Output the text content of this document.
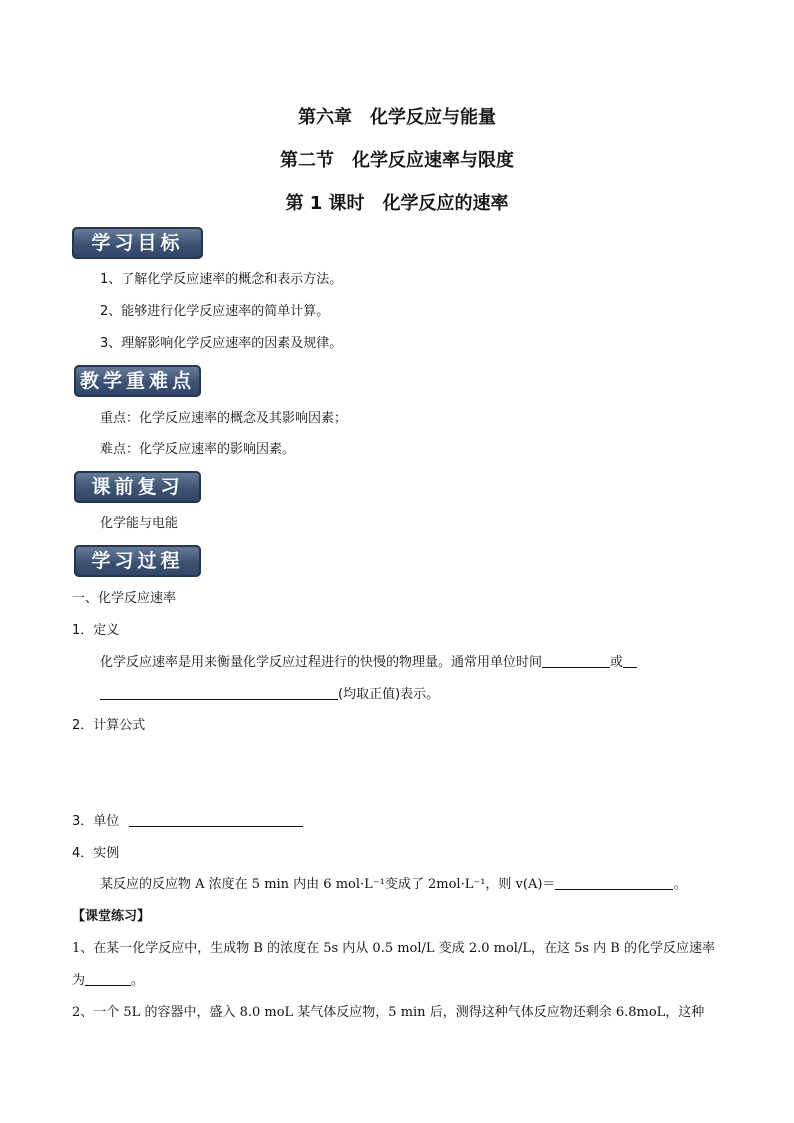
第六章　化学反应与能量
第二节　化学反应速率与限度
第 1 课时　化学反应的速率
学习目标
1、了解化学反应速率的概念和表示方法。
2、能够进行化学反应速率的简单计算。
3、理解影响化学反应速率的因素及规律。
教学重难点
重点：化学反应速率的概念及其影响因素；
难点：化学反应速率的影响因素。
课前复习
化学能与电能
学习过程
一、化学反应速率
1．定义
化学反应速率是用来衡量化学反应过程进行的快慢的物理量。通常用单位时间	或
(均取正值)表示。
2．计算公式
3．单位
4．实例
某反应的反应物 A 浓度在 5 min 内由 6 mol·L⁻¹变成了 2mol·L⁻¹，则 v(A)＝	。
【课堂练习】
1、在某一化学反应中，生成物 B 的浓度在 5s 内从 0.5 mol/L 变成 2.0 mol/L，在这 5s 内 B 的化学反应速率
为	。
2、一个 5L 的容器中，盛入 8.0 moL 某气体反应物，5 min 后，测得这种气体反应物还剩余 6.8moL，这种
